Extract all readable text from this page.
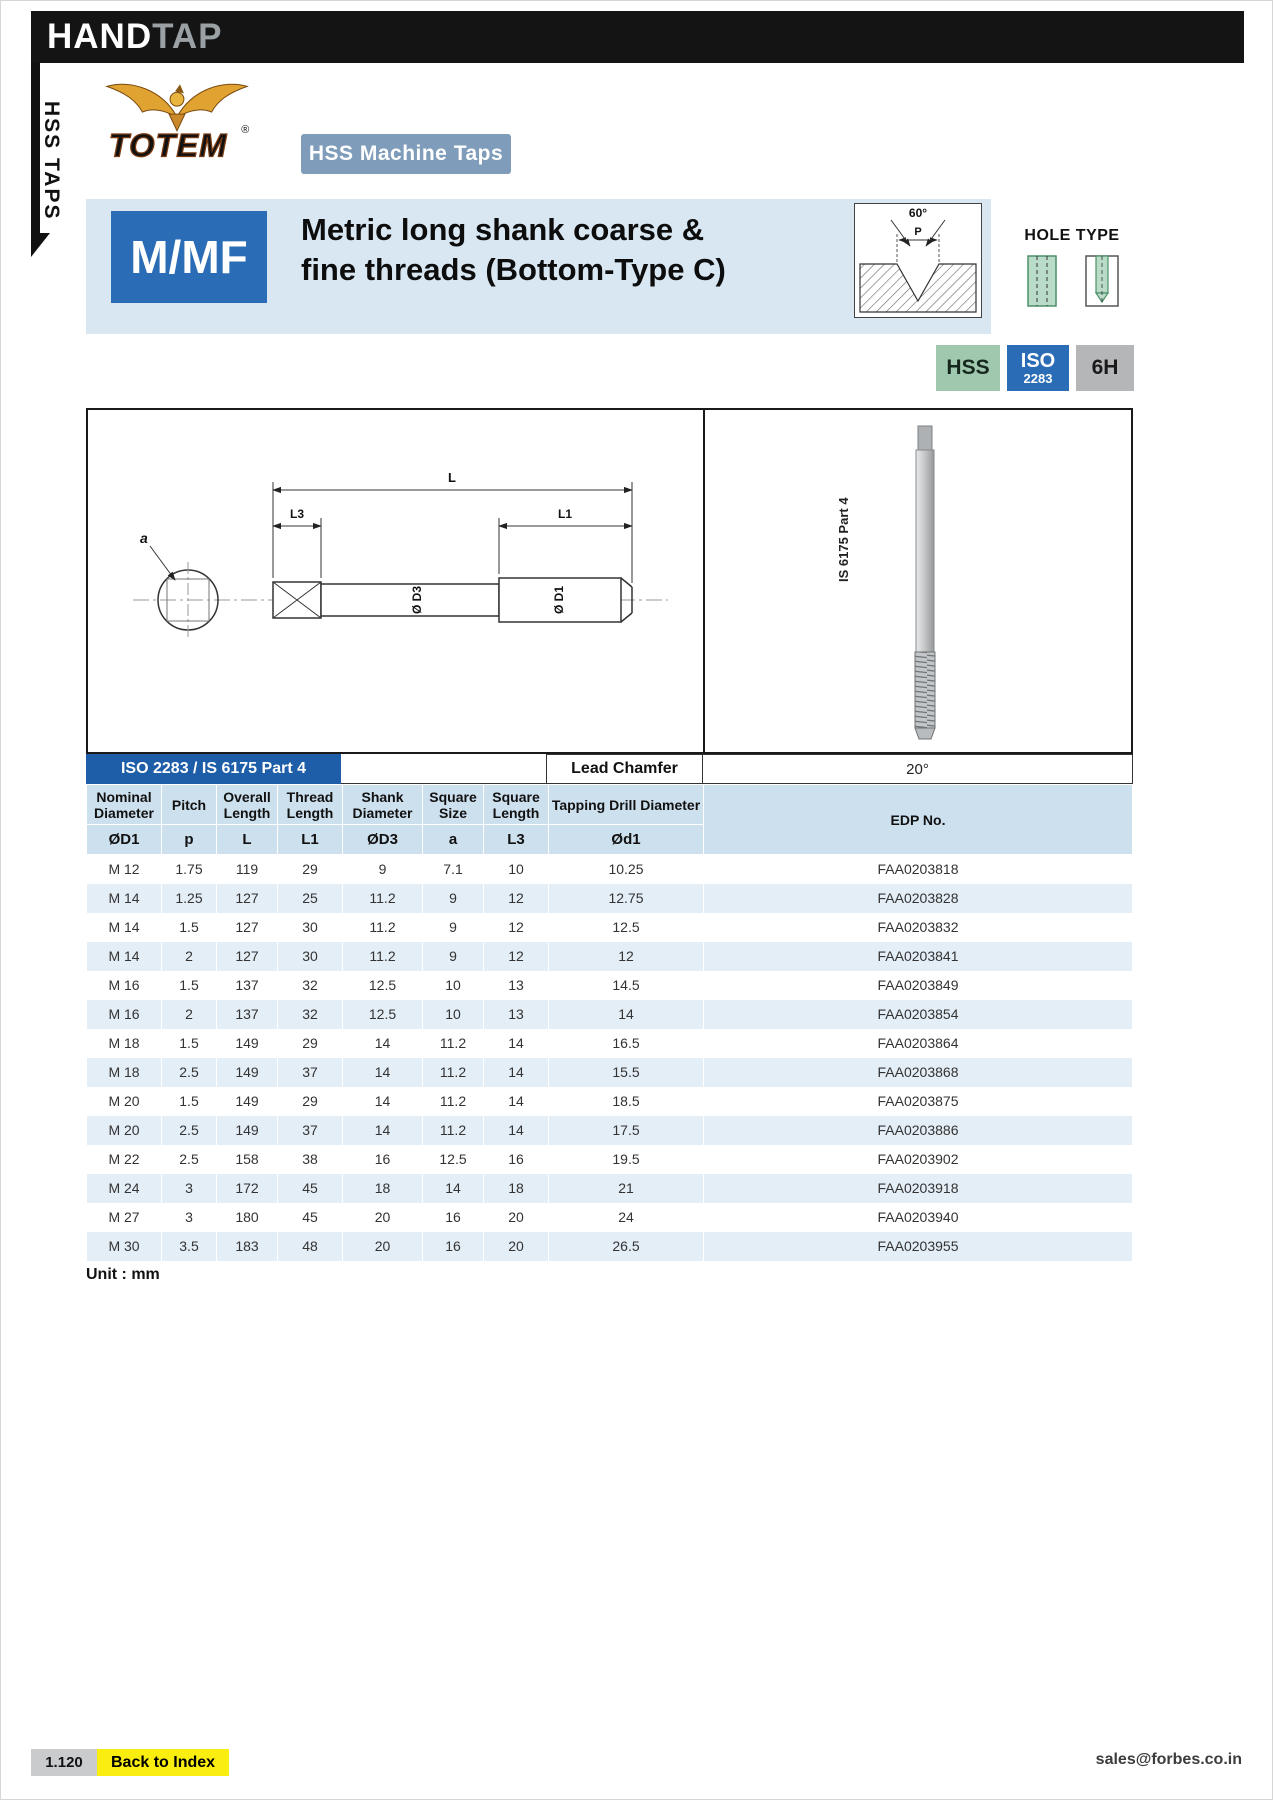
HAND TAP
HSS TAPS TOTEM ®
HSS Machine Taps
M/MF
Metric long shank coarse &
fine threads (Bottom-Type C)
P
60°
HOLE TYPE
HSS	ISO
2283	6H
a
Ø D3	Ø D1
L
L3	L1	IS 6175 Part 4
ISO 2283 / IS 6175 Part 4	Lead Chamfer	20°
Nominal Diameter	Pitch	Overall Length	Thread Length	Shank Diameter	Square Size	Square Length	Tapping Drill Diameter	EDP No.
ØD1	p	L	L1	ØD3	a	L3	Ød1	
M 12	1.75	119	29	9	7.1	10	10.25	FAA0203818
M 14	1.25	127	25	11.2	9	12	12.75	FAA0203828
M 14	1.5	127	30	11.2	9	12	12.5	FAA0203832
M 14	2	127	30	11.2	9	12	12	FAA0203841
M 16	1.5	137	32	12.5	10	13	14.5	FAA0203849
M 16	2	137	32	12.5	10	13	14	FAA0203854
M 18	1.5	149	29	14	11.2	14	16.5	FAA0203864
M 18	2.5	149	37	14	11.2	14	15.5	FAA0203868
M 20	1.5	149	29	14	11.2	14	18.5	FAA0203875
M 20	2.5	149	37	14	11.2	14	17.5	FAA0203886
M 22	2.5	158	38	16	12.5	16	19.5	FAA0203902
M 24	3	172	45	18	14	18	21	FAA0203918
M 27	3	180	45	20	16	20	24	FAA0203940
M 30	3.5	183	48	20	16	20	26.5	FAA0203955
Unit : mm
1.120	Back to Index	sales@forbes.co.in
